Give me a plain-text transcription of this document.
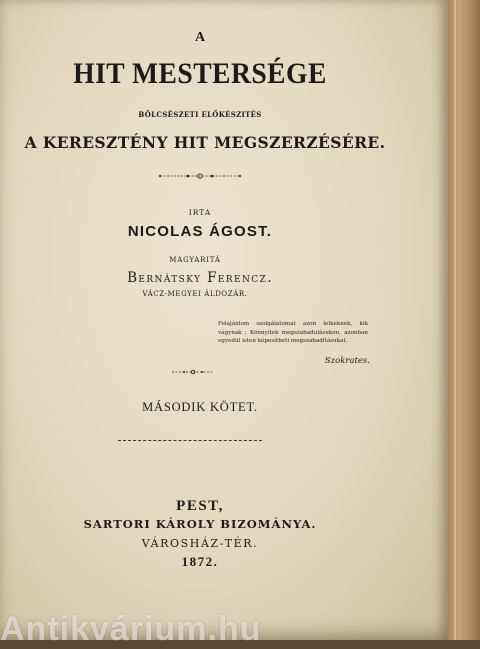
A
HIT MESTERSÉGE
BÖLCSÉSZETI ELŐKÉSZITÉS
A KERESZTÉNY HIT MEGSZERZÉSÉRE.
IRTA
NICOLAS ÁGOST.
MAGYARITÁ
Bernátsky Ferencz.
VÁCZ-MEGYEI ÁLDOZÁR.
Felajánlom szolgálatomat azon lelkeknek, kik vágynak ; Könnyítek megszabadulásukon, azonban egyedül isten képesítheti megszabadításukat.
Szokrates.
MÁSODIK KÖTET.
PEST,
SARTORI KÁROLY BIZOMÁNYA.
VÁROSHÁZ-TÉR.
1872.
Antikvárium.hu
